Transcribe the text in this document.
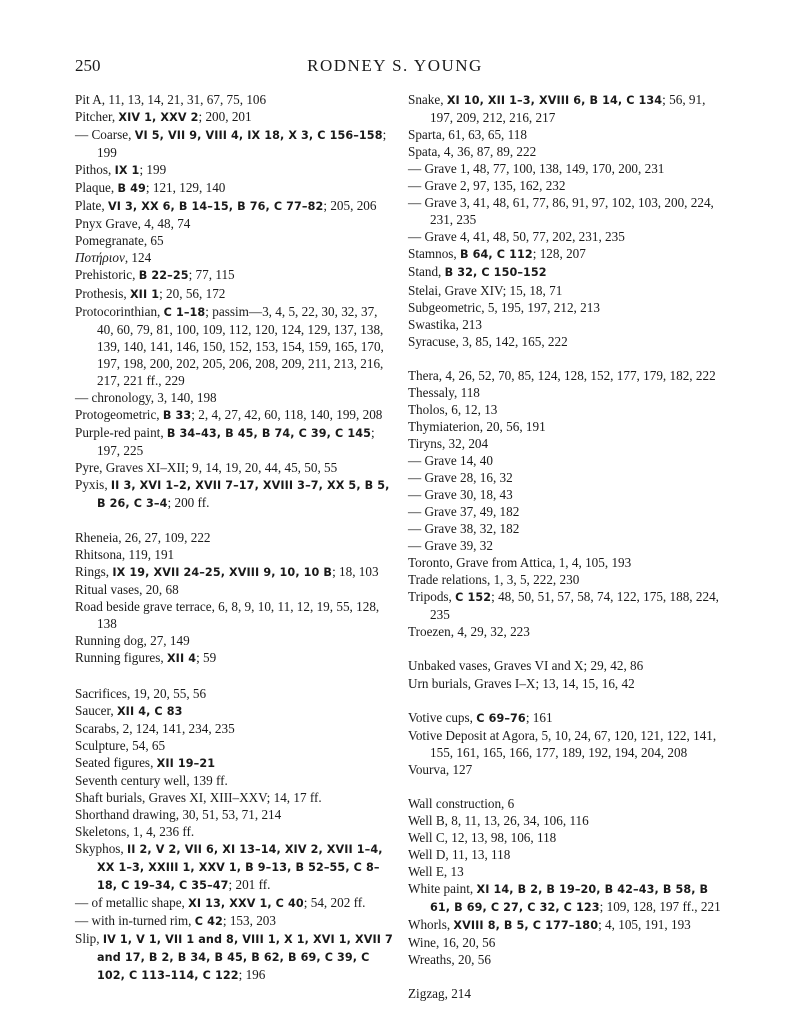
250	RODNEY S. YOUNG

Pit A, 11, 13, 14, 21, 31, 67, 75, 106

Pitcher, XIV 1, XXV 2; 200, 201

— Coarse, VI 5, VII 9, VIII 4, IX 18, X 3, C 156–158; 199

Pithos, IX 1; 199

Plaque, B 49; 121, 129, 140

Plate, VI 3, XX 6, B 14–15, B 76, C 77–82; 205, 206

Pnyx Grave, 4, 48, 74

Pomegranate, 65

Ποτήριον, 124

Prehistoric, B 22–25; 77, 115

Prothesis, XII 1; 20, 56, 172

Protocorinthian, C 1–18; passim—3, 4, 5, 22, 30, 32, 37, 40, 60, 79, 81, 100, 109, 112, 120, 124, 129, 137, 138, 139, 140, 141, 146, 150, 152, 153, 154, 159, 165, 170, 197, 198, 200, 202, 205, 206, 208, 209, 211, 213, 216, 217, 221 ff., 229

— chronology, 3, 140, 198

Protogeometric, B 33; 2, 4, 27, 42, 60, 118, 140, 199, 208

Purple-red paint, B 34–43, B 45, B 74, C 39, C 145; 197, 225

Pyre, Graves XI–XII; 9, 14, 19, 20, 44, 45, 50, 55

Pyxis, II 3, XVI 1–2, XVII 7–17, XVIII 3–7, XX 5, B 5, B 26, C 3–4; 200 ff.

Rheneia, 26, 27, 109, 222

Rhitsona, 119, 191

Rings, IX 19, XVII 24–25, XVIII 9, 10, 10 B; 18, 103

Ritual vases, 20, 68

Road beside grave terrace, 6, 8, 9, 10, 11, 12, 19, 55, 128, 138

Running dog, 27, 149

Running figures, XII 4; 59

Sacrifices, 19, 20, 55, 56

Saucer, XII 4, C 83

Scarabs, 2, 124, 141, 234, 235

Sculpture, 54, 65

Seated figures, XII 19–21

Seventh century well, 139 ff.

Shaft burials, Graves XI, XIII–XXV; 14, 17 ff.

Shorthand drawing, 30, 51, 53, 71, 214

Skeletons, 1, 4, 236 ff.

Skyphos, II 2, V 2, VII 6, XI 13–14, XIV 2, XVII 1–4, XX 1–3, XXIII 1, XXV 1, B 9–13, B 52–55, C 8–18, C 19–34, C 35–47; 201 ff.

— of metallic shape, XI 13, XXV 1, C 40; 54, 202 ff.

— with in-turned rim, C 42; 153, 203

Slip, IV 1, V 1, VII 1 and 8, VIII 1, X 1, XVI 1, XVII 7 and 17, B 2, B 34, B 45, B 62, B 69, C 39, C 102, C 113–114, C 122; 196

Snake, XI 10, XII 1–3, XVIII 6, B 14, C 134; 56, 91, 197, 209, 212, 216, 217

Sparta, 61, 63, 65, 118

Spata, 4, 36, 87, 89, 222

— Grave 1, 48, 77, 100, 138, 149, 170, 200, 231

— Grave 2, 97, 135, 162, 232

— Grave 3, 41, 48, 61, 77, 86, 91, 97, 102, 103, 200, 224, 231, 235

— Grave 4, 41, 48, 50, 77, 202, 231, 235

Stamnos, B 64, C 112; 128, 207

Stand, B 32, C 150–152

Stelai, Grave XIV; 15, 18, 71

Subgeometric, 5, 195, 197, 212, 213

Swastika, 213

Syracuse, 3, 85, 142, 165, 222

Thera, 4, 26, 52, 70, 85, 124, 128, 152, 177, 179, 182, 222

Thessaly, 118

Tholos, 6, 12, 13

Thymiaterion, 20, 56, 191

Tiryns, 32, 204

— Grave 14, 40

— Grave 28, 16, 32

— Grave 30, 18, 43

— Grave 37, 49, 182

— Grave 38, 32, 182

— Grave 39, 32

Toronto, Grave from Attica, 1, 4, 105, 193

Trade relations, 1, 3, 5, 222, 230

Tripods, C 152; 48, 50, 51, 57, 58, 74, 122, 175, 188, 224, 235

Troezen, 4, 29, 32, 223

Unbaked vases, Graves VI and X; 29, 42, 86

Urn burials, Graves I–X; 13, 14, 15, 16, 42

Votive cups, C 69–76; 161

Votive Deposit at Agora, 5, 10, 24, 67, 120, 121, 122, 141, 155, 161, 165, 166, 177, 189, 192, 194, 204, 208

Vourva, 127

Wall construction, 6

Well B, 8, 11, 13, 26, 34, 106, 116

Well C, 12, 13, 98, 106, 118

Well D, 11, 13, 118

Well E, 13

White paint, XI 14, B 2, B 19–20, B 42–43, B 58, B 61, B 69, C 27, C 32, C 123; 109, 128, 197 ff., 221

Whorls, XVIII 8, B 5, C 177–180; 4, 105, 191, 193

Wine, 16, 20, 56

Wreaths, 20, 56

Zigzag, 214
